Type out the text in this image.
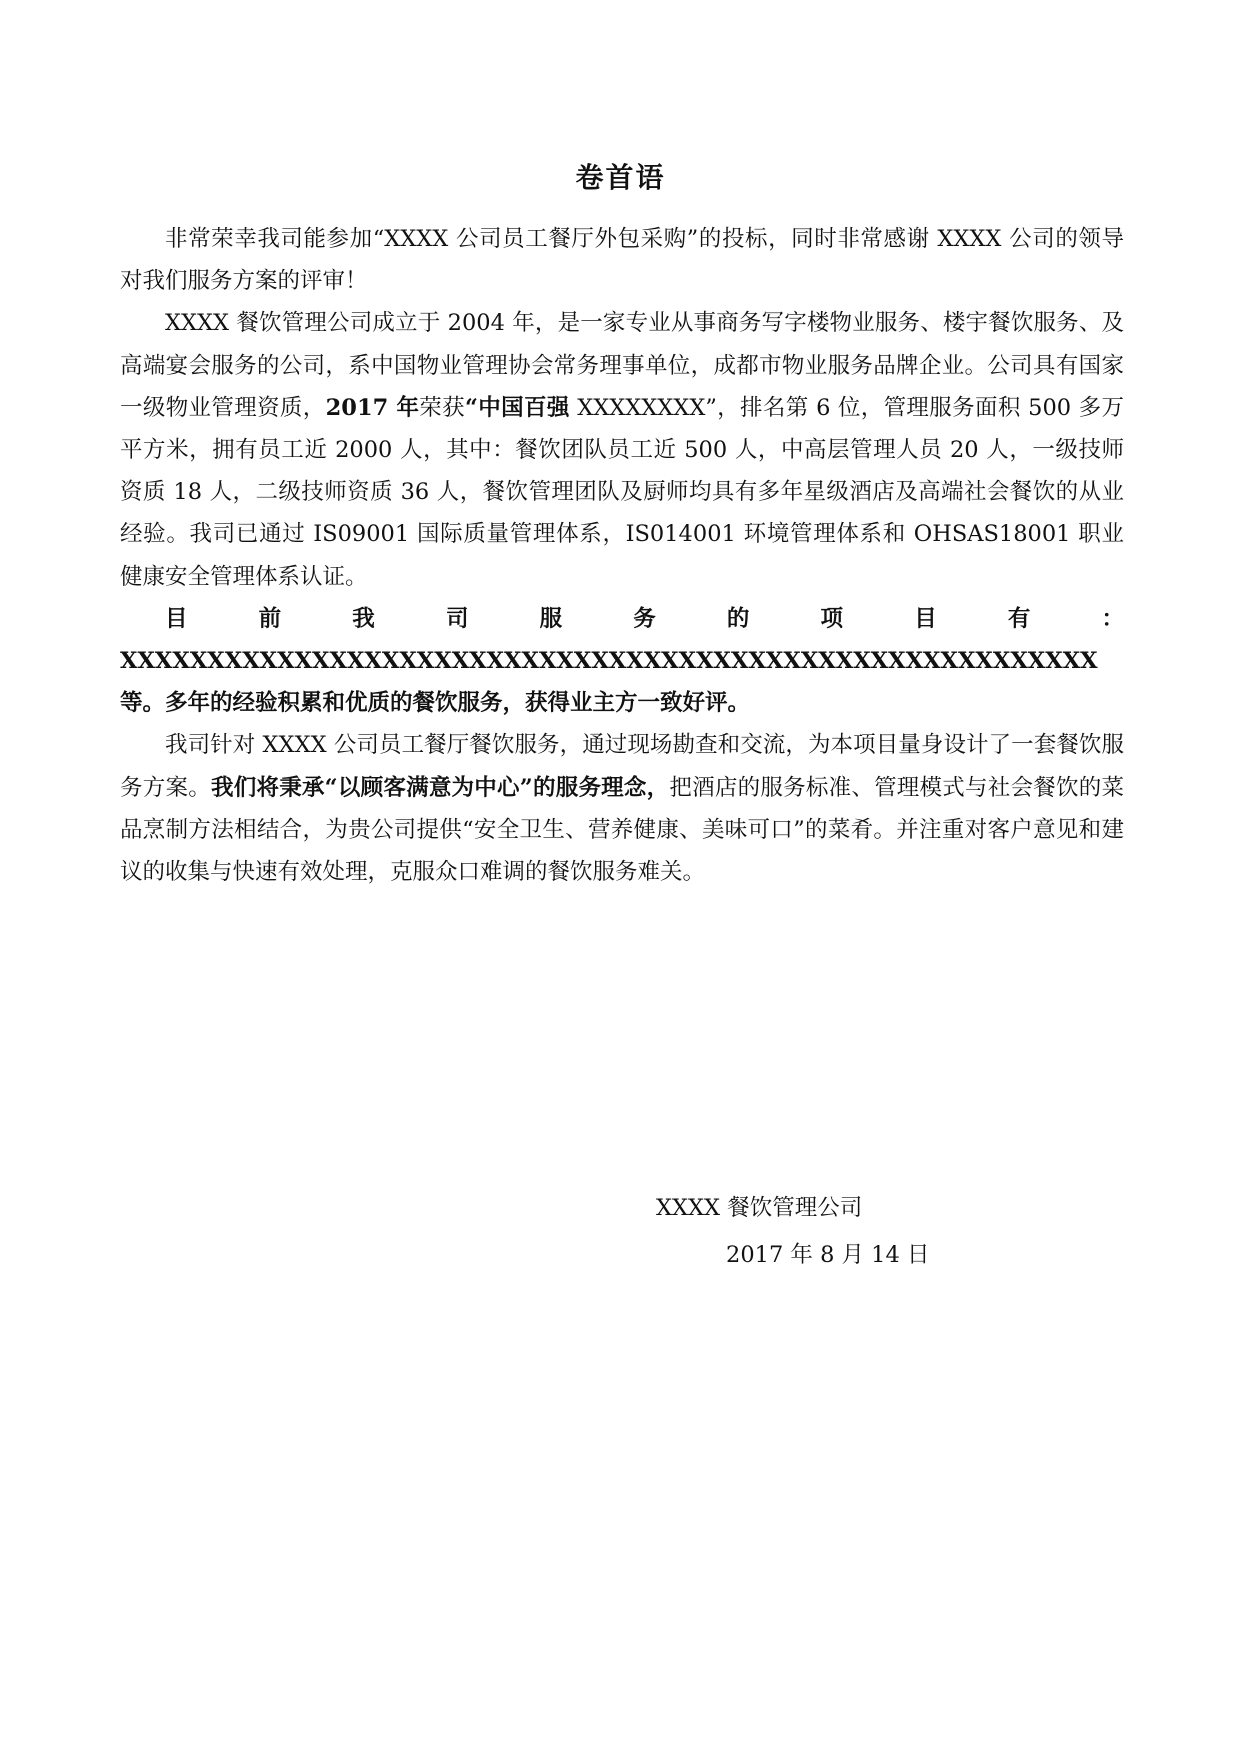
卷首语

非常荣幸我司能参加“XXXX 公司员工餐厅外包采购”的投标，同时非常感谢 XXXX 公司的领导对我们服务方案的评审！

XXXX 餐饮管理公司成立于 2004 年，是一家专业从事商务写字楼物业服务、楼宇餐饮服务、及高端宴会服务的公司，系中国物业管理协会常务理事单位，成都市物业服务品牌企业。公司具有国家一级物业管理资质，2017 年荣获“中国百强 XXXXXXXX”，排名第 6 位，管理服务面积 500 多万平方米，拥有员工近 2000 人，其中：餐饮团队员工近 500 人，中高层管理人员 20 人，一级技师资质 18 人，二级技师资质 36 人，餐饮管理团队及厨师均具有多年星级酒店及高端社会餐饮的从业经验。我司已通过 IS09001 国际质量管理体系，IS014001 环境管理体系和 OHSAS18001 职业健康安全管理体系认证。

目前我司服务的项目有：XXXXXXXXXXXXXXXXXXXXXXXXXXXXXXXXXXXXXXXXXXXXXXXXXXXXXXXX 等。多年的经验积累和优质的餐饮服务，获得业主方一致好评。

我司针对 XXXX 公司员工餐厅餐饮服务，通过现场勘查和交流，为本项目量身设计了一套餐饮服务方案。我们将秉承“以顾客满意为中心”的服务理念，把酒店的服务标准、管理模式与社会餐饮的菜品烹制方法相结合，为贵公司提供“安全卫生、营养健康、美味可口”的菜肴。并注重对客户意见和建议的收集与快速有效处理，克服众口难调的餐饮服务难关。

XXXX 餐饮管理公司
2017 年 8 月 14 日
